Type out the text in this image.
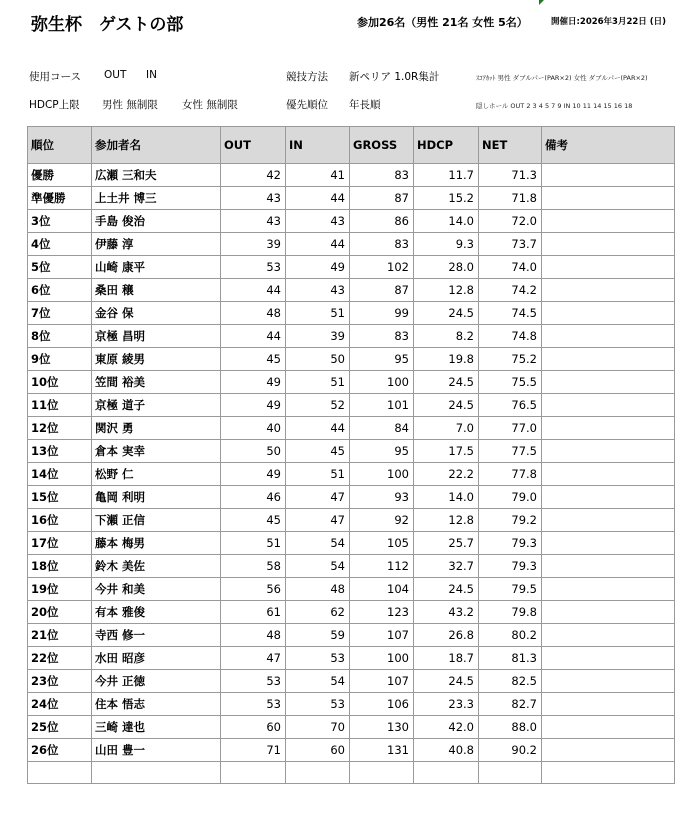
弥生杯　ゲストの部	参加26名（男性 21名 女性 5名）	開催日:2026年3月22日 (日)
使用コース OUT IN	競技方法 新ペリア 1.0R集計	ｽｺｱｶｯﾄ 男性 ダブルパー(PAR×2) 女性 ダブルパー(PAR×2)
HDCP上限 男性 無制限 女性 無制限	優先順位 年長順	隠しホール OUT 2 3 4 5 7 9 IN 10 11 14 15 16 18
順位	参加者名	OUT	IN	GROSS	HDCP	NET	備考
優勝	広瀬 三和夫	42	41	83	11.7	71.3	
準優勝	上土井 博三	43	44	87	15.2	71.8	
3位	手島 俊治	43	43	86	14.0	72.0	
4位	伊藤 淳	39	44	83	9.3	73.7	
5位	山崎 康平	53	49	102	28.0	74.0	
6位	桑田 穣	44	43	87	12.8	74.2	
7位	金谷 保	48	51	99	24.5	74.5	
8位	京極 昌明	44	39	83	8.2	74.8	
9位	東原 綾男	45	50	95	19.8	75.2	
10位	笠間 裕美	49	51	100	24.5	75.5	
11位	京極 道子	49	52	101	24.5	76.5	
12位	関沢 勇	40	44	84	7.0	77.0	
13位	倉本 実幸	50	45	95	17.5	77.5	
14位	松野 仁	49	51	100	22.2	77.8	
15位	亀岡 利明	46	47	93	14.0	79.0	
16位	下瀬 正信	45	47	92	12.8	79.2	
17位	藤本 梅男	51	54	105	25.7	79.3	
18位	鈴木 美佐	58	54	112	32.7	79.3	
19位	今井 和美	56	48	104	24.5	79.5	
20位	有本 雅俊	61	62	123	43.2	79.8	
21位	寺西 修一	48	59	107	26.8	80.2	
22位	水田 昭彦	47	53	100	18.7	81.3	
23位	今井 正徳	53	54	107	24.5	82.5	
24位	住本 悟志	53	53	106	23.3	82.7	
25位	三崎 達也	60	70	130	42.0	88.0	
26位	山田 豊一	71	60	131	40.8	90.2	
